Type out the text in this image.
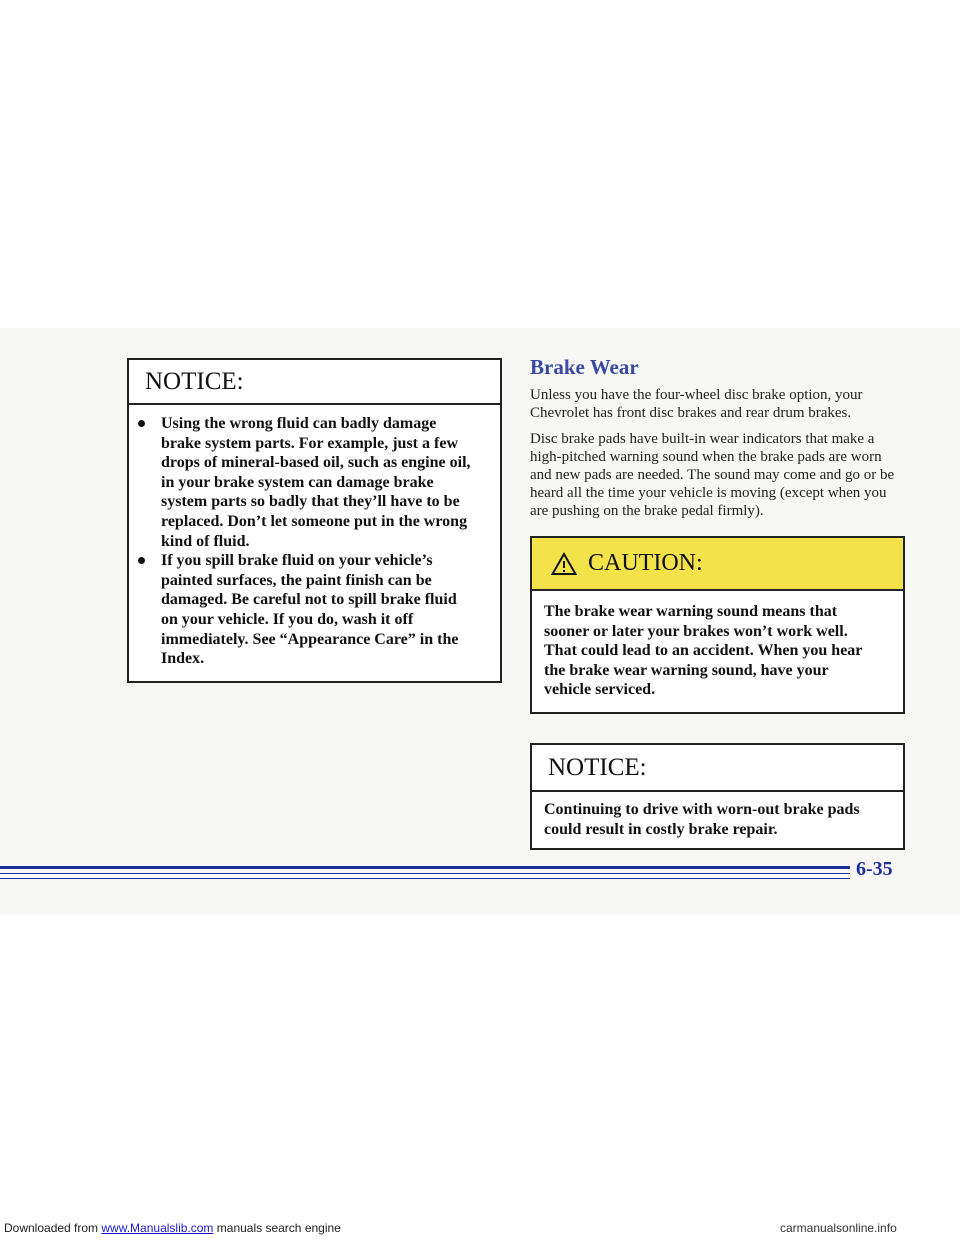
NOTICE:
Using the wrong fluid can badly damage brake system parts. For example, just a few drops of mineral-based oil, such as engine oil, in your brake system can damage brake system parts so badly that they’ll have to be replaced. Don’t let someone put in the wrong kind of fluid.
If you spill brake fluid on your vehicle’s painted surfaces, the paint finish can be damaged. Be careful not to spill brake fluid on your vehicle. If you do, wash it off immediately. See “Appearance Care” in the Index.
Brake Wear

Unless you have the four-wheel disc brake option, your Chevrolet has front disc brakes and rear drum brakes.

Disc brake pads have built-in wear indicators that make a high-pitched warning sound when the brake pads are worn and new pads are needed. The sound may come and go or be heard all the time your vehicle is moving (except when you are pushing on the brake pedal firmly).

CAUTION:
The brake wear warning sound means that sooner or later your brakes won’t work well. That could lead to an accident. When you hear the brake wear warning sound, have your vehicle serviced.
NOTICE:
Continuing to drive with worn-out brake pads could result in costly brake repair.
6-35
Downloaded from www.Manualslib.com manuals search engine	carmanualsonline.info
